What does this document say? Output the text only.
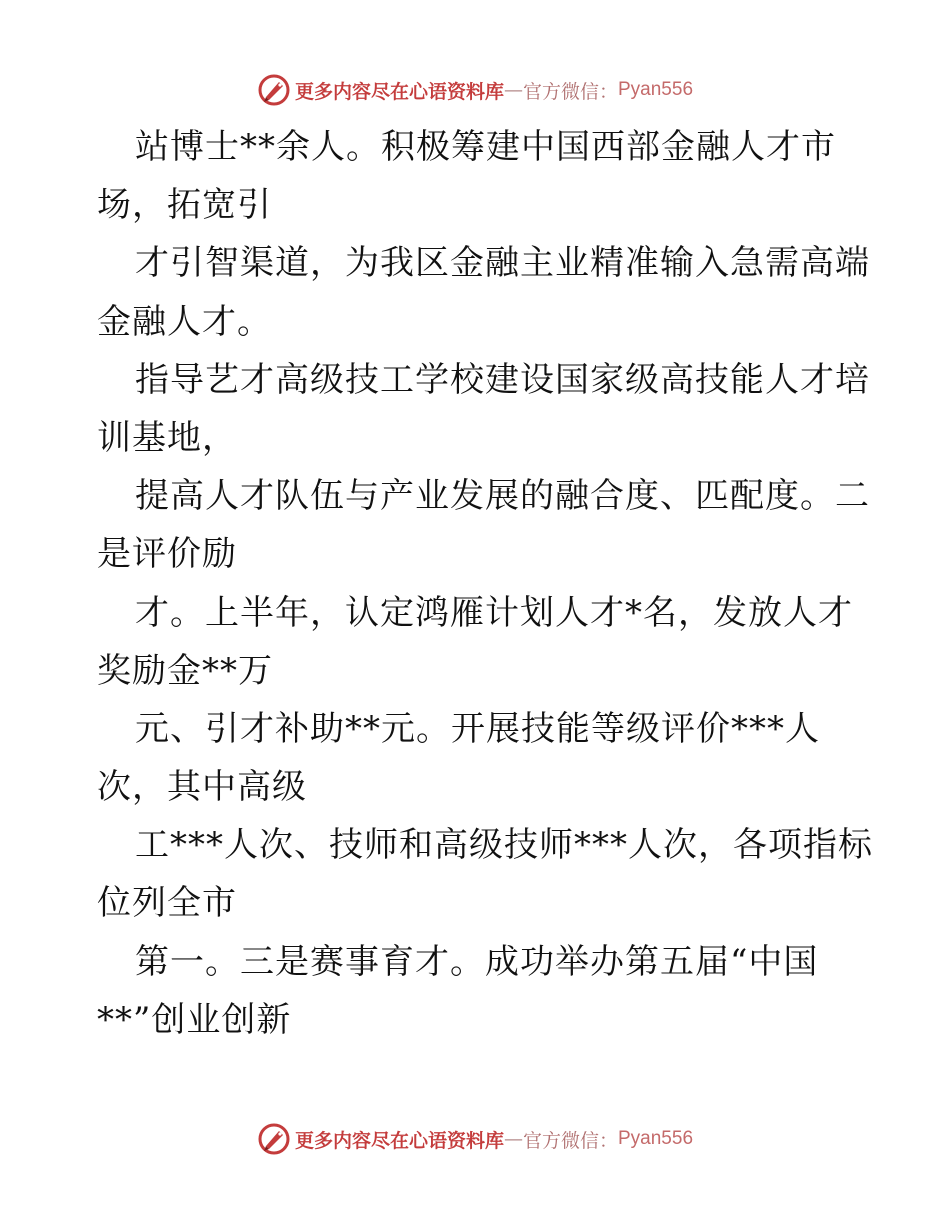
更多内容尽在心语资料库 — 官方微信： Pyan556
站博士**余人。积极筹建中国西部金融人才市
场，拓宽引
才引智渠道，为我区金融主业精准输入急需高端
金融人才。
指导艺才高级技工学校建设国家级高技能人才培
训基地，
提高人才队伍与产业发展的融合度、匹配度。二
是评价励
才。上半年，认定鸿雁计划人才*名，发放人才
奖励金**万
元、引才补助**元。开展技能等级评价***人
次，其中高级
工***人次、技师和高级技师***人次，各项指标
位列全市
第一。三是赛事育才。成功举办第五届“中国
**”创业创新
更多内容尽在心语资料库 — 官方微信： Pyan556
